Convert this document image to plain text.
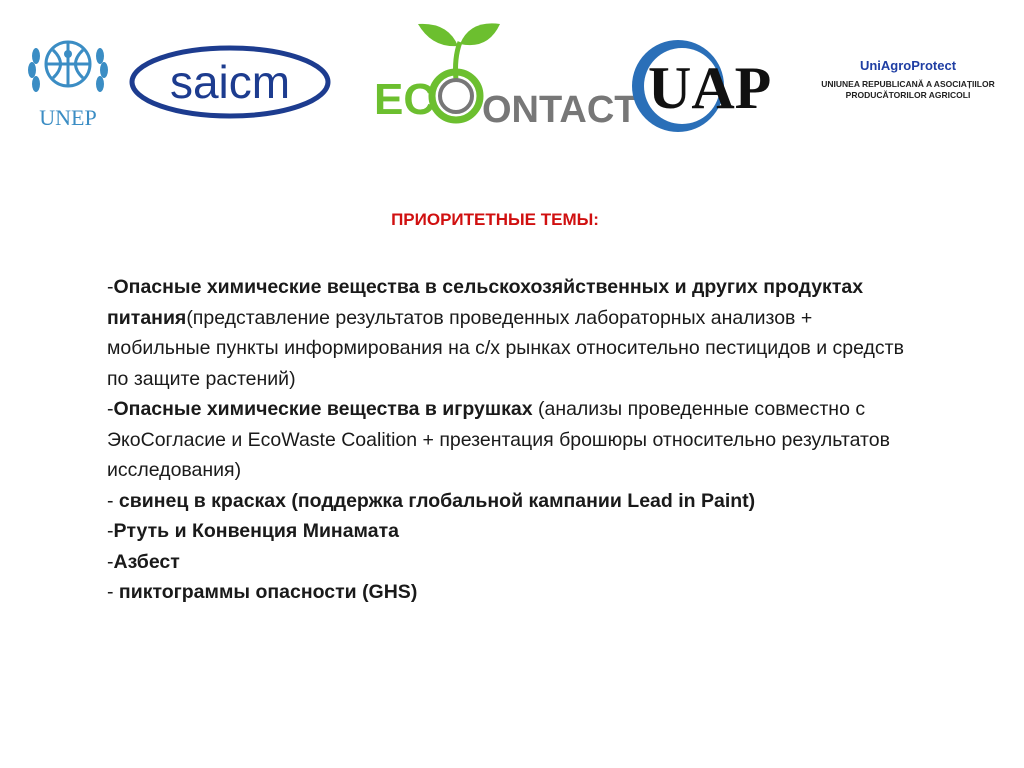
UNEP
saicm EC ONTACT UAP	UniAgroProtect
UNIUNEA REPUBLICANĂ A ASOCIAȚIILOR
PRODUCĂTORILOR AGRICOLI
ПРИОРИТЕТНЫЕ ТЕМЫ:

-Опасные химические вещества в сельскохозяйственных и других продуктах питания(представление результатов проведенных лабораторных анализов + мобильные пункты информирования на с/х рынках относительно пестицидов и средств по защите растений)

-Опасные химические вещества в игрушках (анализы проведенные совместно с ЭкоСогласие и EcoWaste Coalition + презентация брошюры относительно результатов исследования)

- свинец в красках (поддержка глобальной кампании Lead in Paint)

-Ртуть и Конвенция Минамата

-Азбест

- пиктограммы опасности (GHS)
